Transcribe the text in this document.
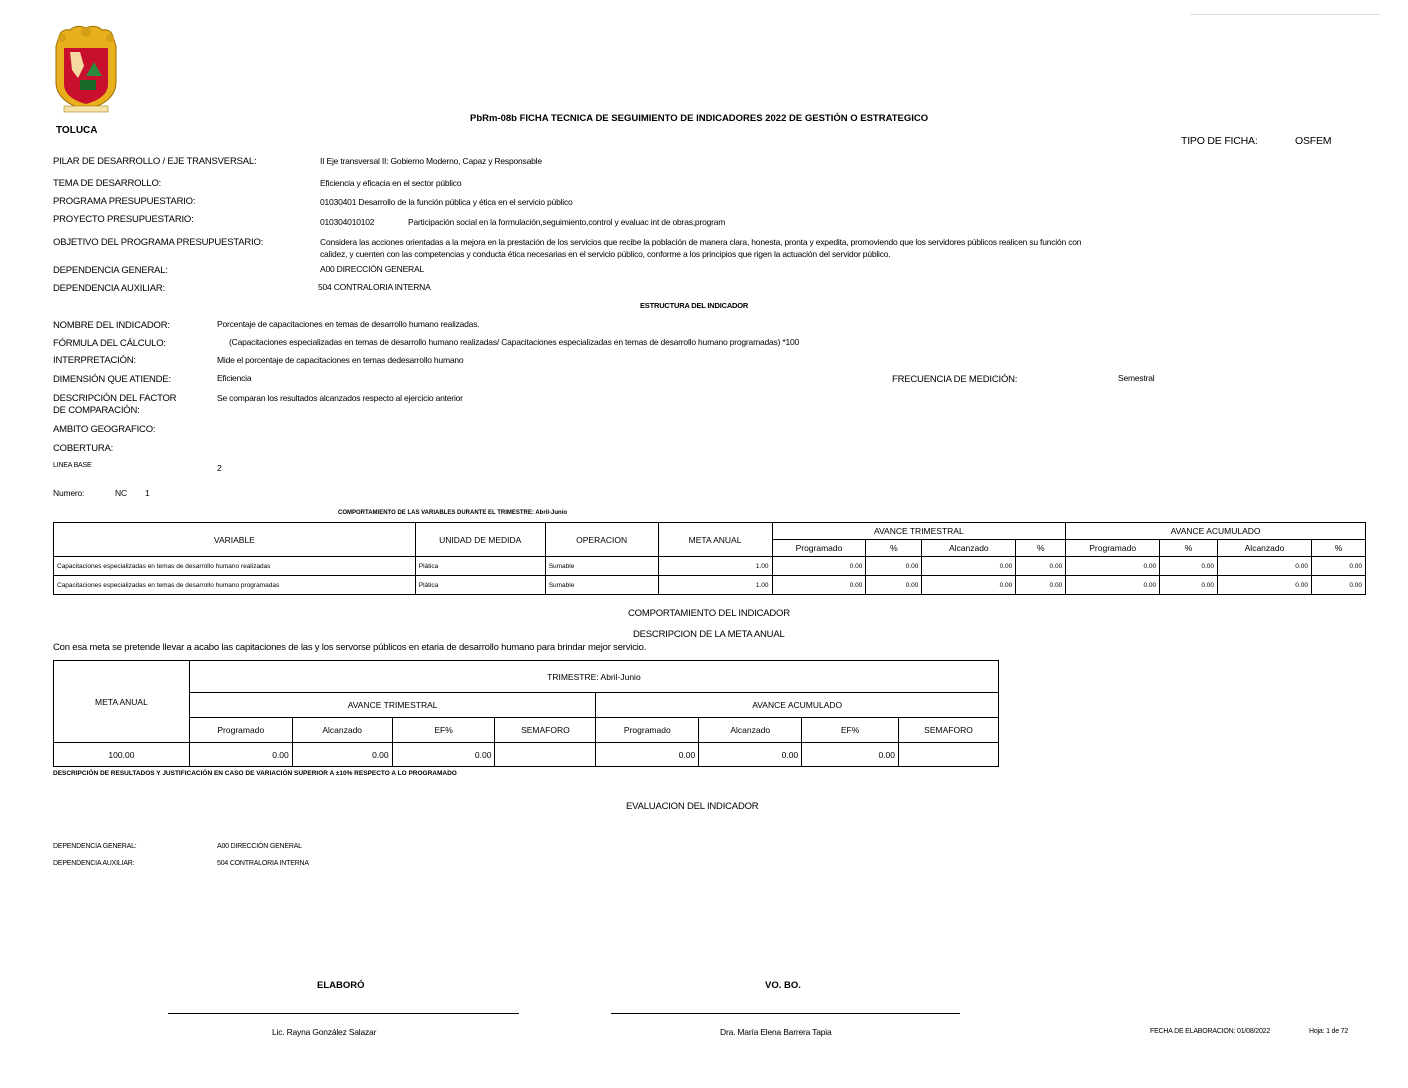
TOLUCA
PbRm-08b FICHA TECNICA DE SEGUIMIENTO DE INDICADORES 2022 DE GESTIÓN O ESTRATEGICO
TIPO DE FICHA:	OSFEM
PILAR DE DESARROLLO / EJE TRANSVERSAL:	II Eje transversal II: Gobierno Moderno, Capaz y Responsable
TEMA DE DESARROLLO:	Eficiencia y eficacia en el sector público
PROGRAMA PRESUPUESTARIO:	01030401 Desarrollo de la función pública y ética en el servicio público
PROYECTO PRESUPUESTARIO:	010304010102	Participación social en la formulación,seguimiento,control y evaluac int de obras,program
OBJETIVO DEL PROGRAMA PRESUPUESTARIO:	Considera las acciones orientadas a la mejora en la prestación de los servicios que recibe la población de manera clara, honesta, pronta y expedita, promoviendo que los servidores públicos realicen su función con
calidez, y cuenten con las competencias y conducta ética necesarias en el servicio público, conforme a los principios que rigen la actuación del servidor público.
DEPENDENCIA GENERAL:	A00 DIRECCIÓN GENERAL
DEPENDENCIA AUXILIAR:	504 CONTRALORIA INTERNA
ESTRUCTURA DEL INDICADOR
NOMBRE DEL INDICADOR:	Porcentaje de capacitaciones en temas de desarrollo humano realizadas.
FÓRMULA DEL CÁLCULO:	(Capacitaciones especializadas en temas de desarrollo humano realizadas/ Capacitaciones especializadas en temas de desarrollo humano programadas) *100
INTERPRETACIÓN:	Mide el porcentaje de capacitaciones en temas dedesarrollo humano
DIMENSIÓN QUE ATIENDE:	Eficiencia	FRECUENCIA DE MEDICIÓN:	Semestral
DESCRIPCIÓN DEL FACTOR
DE COMPARACIÓN:
Se comparan los resultados alcanzados respecto al ejercicio anterior
AMBITO GEOGRAFICO:
COBERTURA:
LINEA BASE	2
Numero:	NC 1
COMPORTAMIENTO DE LAS VARIABLES DURANTE EL TRIMESTRE: Abril-Junio
VARIABLE	UNIDAD DE MEDIDA	OPERACION	META ANUAL	AVANCE TRIMESTRAL				AVANCE ACUMULADO			
				Programado	%	Alcanzado	%	Programado	%	Alcanzado	%
Capacitaciones especializadas en temas de desarrollo humano realizadas	Plática	Sumable	1.00	0.00	0.00	0.00	0.00	0.00	0.00	0.00	0.00
Capacitaciones especializadas en temas de desarrollo humano programadas	Plática	Sumable	1.00	0.00	0.00	0.00	0.00	0.00	0.00	0.00	0.00
COMPORTAMIENTO DEL INDICADOR
DESCRIPCION DE LA META ANUAL
Con esa meta se pretende llevar a acabo las capitaciones de las y los servorse públicos en etaria de desarrollo humano para brindar mejor servicio.
META ANUAL	TRIMESTRE: Abril-Junio							
	AVANCE TRIMESTRAL				AVANCE ACUMULADO			
	Programado	Alcanzado	EF%	SEMAFORO	Programado	Alcanzado	EF%	SEMAFORO
100.00	0.00	0.00	0.00		0.00	0.00	0.00	
DESCRIPCIÓN DE RESULTADOS Y JUSTIFICACIÓN EN CASO DE VARIACIÓN SUPERIOR A ±10% RESPECTO A LO PROGRAMADO
EVALUACION DEL INDICADOR
DEPENDENCIA GENERAL:	A00 DIRECCIÓN GENERAL
DEPENDENCIA AUXILIAR:	504 CONTRALORIA INTERNA
ELABORÓ	VO. BO.
Lic. Rayna González Salazar	Dra. María Elena Barrera Tapia	FECHA DE ELABORACION: 01/08/2022	Hoja: 1 de 72
